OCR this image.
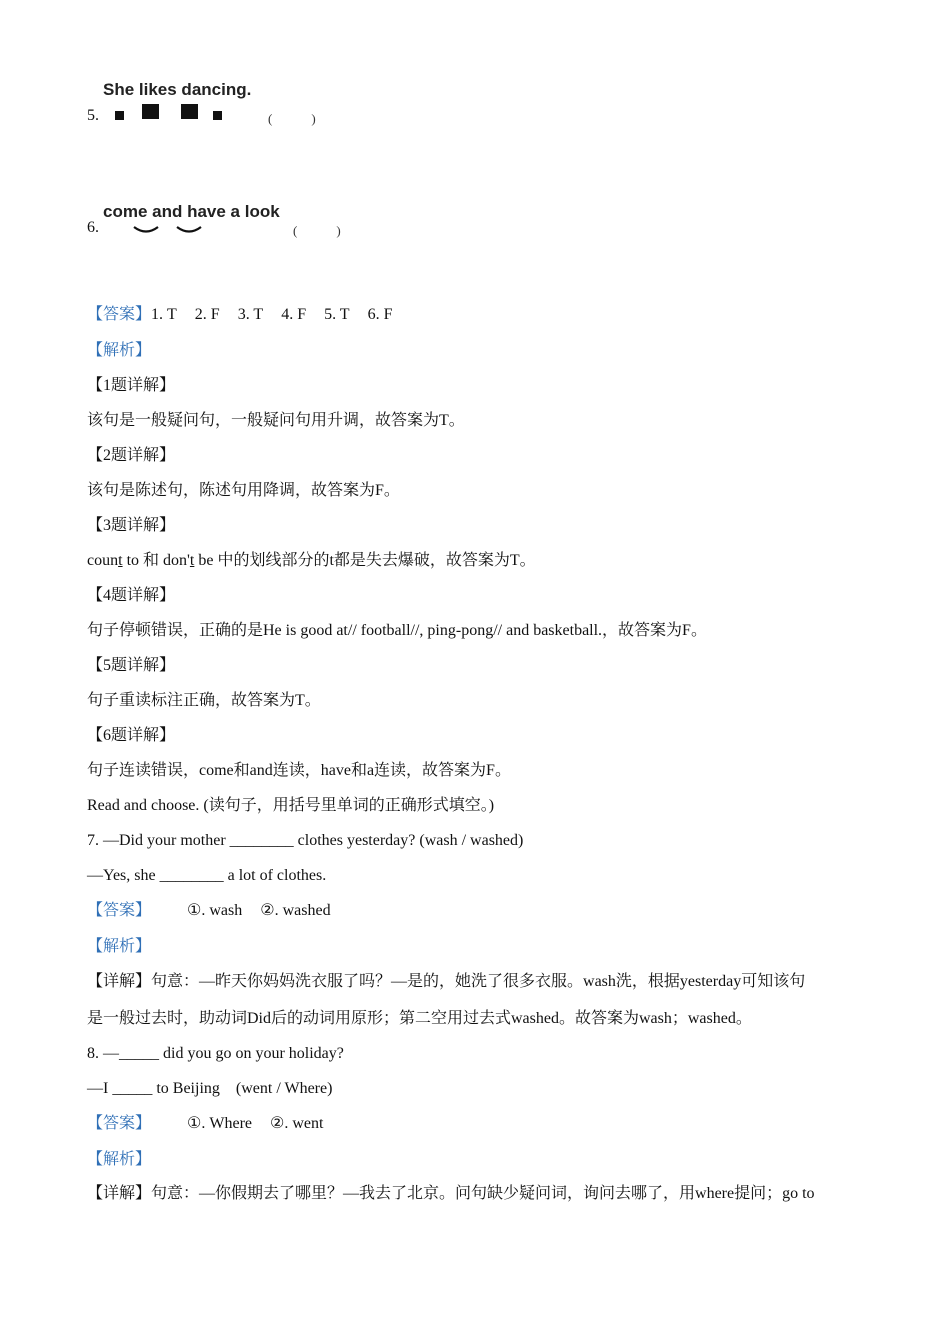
She likes dancing.
5.	(　　　)
come and have a look
6.	(　　　)
【答案】1. T 2. F 3. T 4. F 5. T 6. F
【解析】
【1题详解】
该句是一般疑问句，一般疑问句用升调，故答案为T。
【2题详解】
该句是陈述句，陈述句用降调，故答案为F。
【3题详解】
count to 和 don't be 中的划线部分的t都是失去爆破，故答案为T。
【4题详解】
句子停顿错误，正确的是He is good at// football//, ping-pong// and basketball.，故答案为F。
【5题详解】
句子重读标注正确，故答案为T。
【6题详解】
句子连读错误，come和and连读，have和a连读，故答案为F。
Read and choose. (读句子，用括号里单词的正确形式填空。)
7. —Did your mother ________ clothes yesterday? (wash / washed)
—Yes, she ________ a lot of clothes.
【答案】 ①. wash ②. washed
【解析】
【详解】句意：—昨天你妈妈洗衣服了吗？—是的，她洗了很多衣服。wash洗，根据yesterday可知该句
是一般过去时，助动词Did后的动词用原形；第二空用过去式washed。故答案为wash；washed。
8. —_____ did you go on your holiday?
—I _____ to Beijing　(went / Where)
【答案】 ①. Where ②. went
【解析】
【详解】句意：—你假期去了哪里？—我去了北京。问句缺少疑问词，询问去哪了，用where提问；go to
